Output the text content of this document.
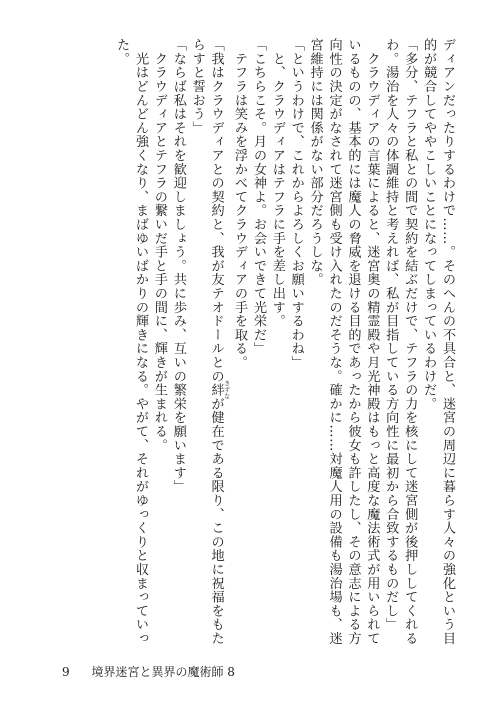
ディアンだったりするわけで……。そのへんの不具合と、迷宮の周辺に暮らす人々の強化という目
的が競合してややこしいことになってしまっているわけだ。
「多分、テフラと私との間で契約を結ぶだけで、テフラの力を核にして迷宮側が後押ししてくれる
わ。湯治を人々の体調維持と考えれば、私が目指している方向性に最初から合致するものだし」
　クラウディアの言葉によると、迷宮奥の精霊殿や月光神殿はもっと高度な魔法術式が用いられて
いるものの、基本的には魔人の脅威を退ける目的であったから彼女も許したし、その意志による方
向性の決定がなされて迷宮側も受け入れたのだそうな。確かに……対魔人用の設備も湯治場も、迷
宮維持には関係がない部分だろうしな。
「というわけで、これからよろしくお願いするわね」
　と、クラウディアはテフラに手を差し出す。
「こちらこそ。月の女神よ。お会いできて光栄だ」
　テフラは笑みを浮かべてクラウディアの手を取る。
「我はクラウディアとの契約と、我が友テオドールとの絆 きずなが健在である限り、この地に祝福をもた
らすと誓おう」
「ならば私はそれを歓迎しましょう。共に歩み、互いの繁栄を願います」
　クラウディアとテフラの繋いだ手と手の間に、輝きが生まれる。
　光はどんどん強くなり、まばゆいばかりの輝きになる。やがて、それがゆっくりと収まっていっ
た。
9 境界迷宮と異界の魔術師 8
